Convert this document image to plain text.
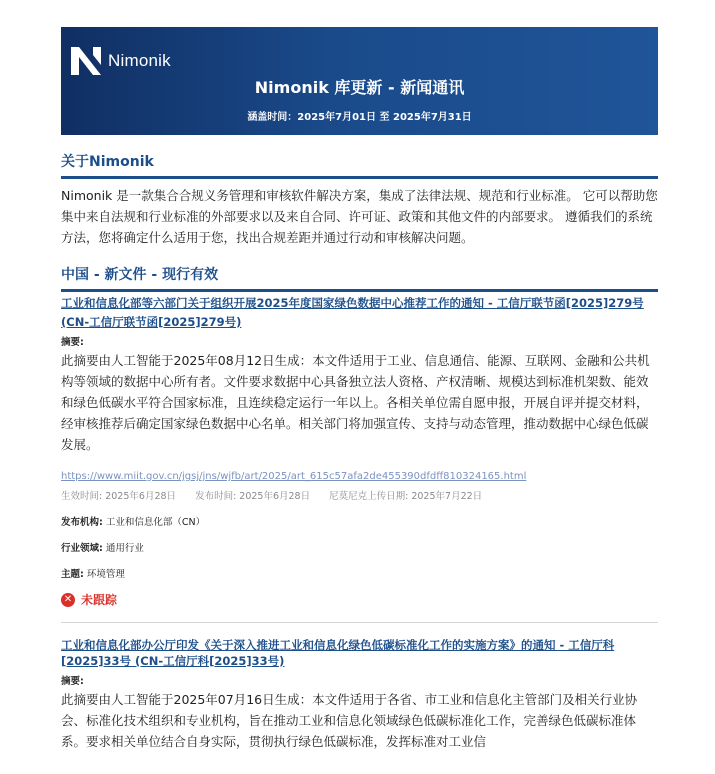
Nimonik
Nimonik 库更新 - 新闻通讯
涵盖时间：2025年7月01日 至 2025年7月31日
关于Nimonik
Nimonik 是一款集合合规义务管理和审核软件解决方案，集成了法律法规、规范和行业标准。 它可以帮助您集中来自法规和行业标准的外部要求以及来自合同、许可证、政策和其他文件的内部要求。 遵循我们的系统方法，您将确定什么适用于您，找出合规差距并通过行动和审核解决问题。
中国 - 新文件 - 现行有效
工业和信息化部等六部门关于组织开展2025年度国家绿色数据中心推荐工作的通知 - 工信厅联节函[2025]279号 (CN-工信厅联节函[2025]279号)
摘要:
此摘要由人工智能于2025年08月12日生成：本文件适用于工业、信息通信、能源、互联网、金融和公共机构等领域的数据中心所有者。文件要求数据中心具备独立法人资格、产权清晰、规模达到标准机架数、能效和绿色低碳水平符合国家标准，且连续稳定运行一年以上。各相关单位需自愿申报，开展自评并提交材料，经审核推荐后确定国家绿色数据中心名单。相关部门将加强宣传、支持与动态管理，推动数据中心绿色低碳发展。
https://www.miit.gov.cn/jgsj/jns/wjfb/art/2025/art_615c57afa2de455390dfdff810324165.html
生效时间: 2025年6月28日 发布时间: 2025年6月28日 尼莫尼克上传日期: 2025年7月22日
发布机构: 工业和信息化部（CN）
行业领域: 通用行业
主题: 环境管理
✕ 未跟踪
工业和信息化部办公厅印发《关于深入推进工业和信息化绿色低碳标准化工作的实施方案》的通知 - 工信厅科[2025]33号 (CN-工信厅科[2025]33号)
摘要:
此摘要由人工智能于2025年07月16日生成：本文件适用于各省、市工业和信息化主管部门及相关行业协会、标准化技术组织和专业机构，旨在推动工业和信息化领域绿色低碳标准化工作，完善绿色低碳标准体系。要求相关单位结合自身实际，贯彻执行绿色低碳标准，发挥标准对工业信
